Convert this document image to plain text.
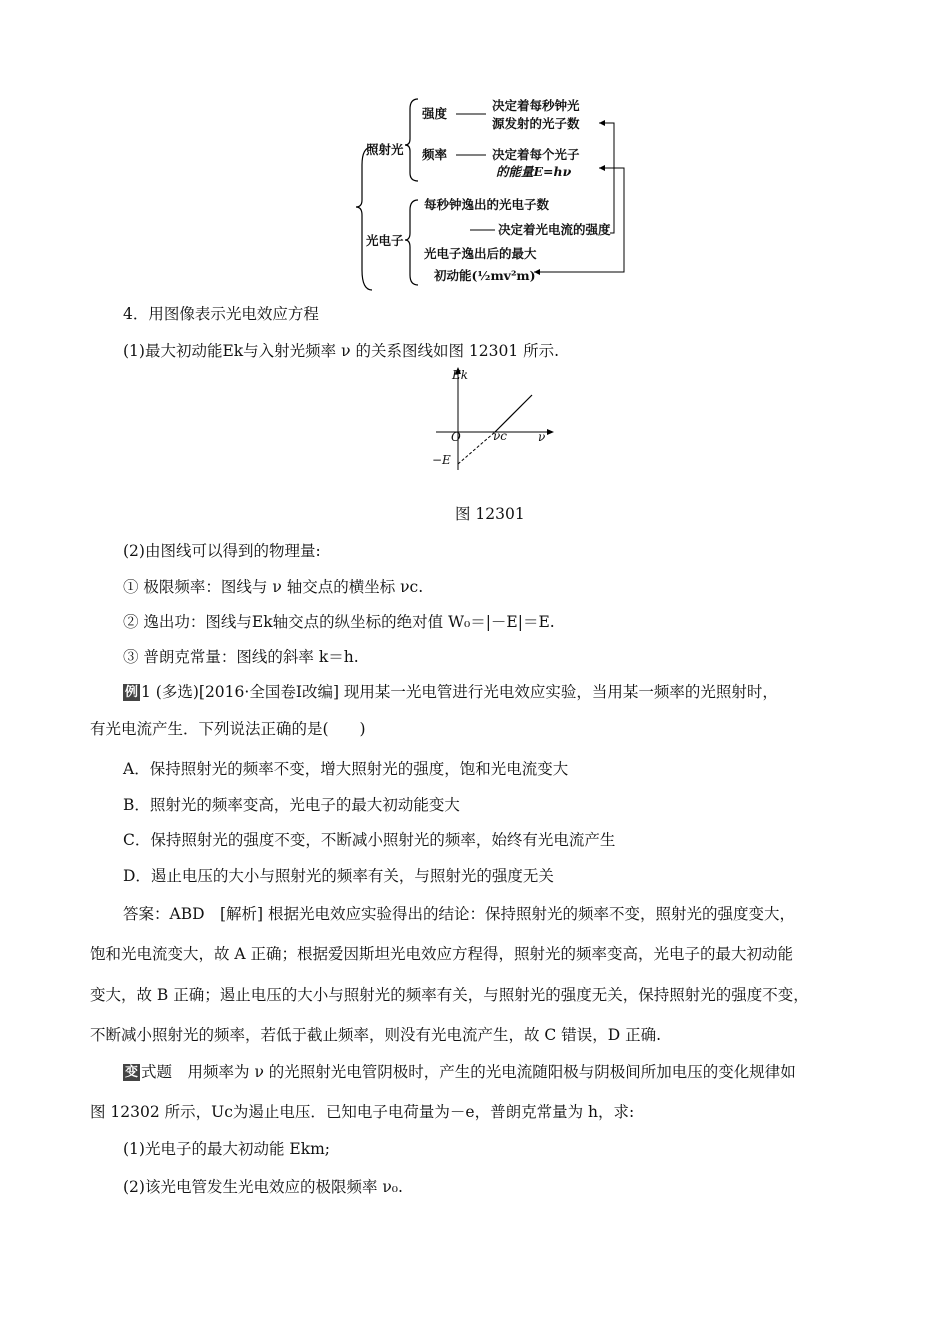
照射光
强度
决定着每秒钟光
源发射的光子数
频率	决定着每个光子
的能量E=hν
光电子
每秒钟逸出的光电子数
决定着光电流的强度
光电子逸出后的最大
初动能(½mv²m)
4．用图像表示光电效应方程
(1)最大初动能Ek与入射光频率 ν 的关系图线如图 12301 所示.
Ek
O	νc	ν
−E
图 12301
(2)由图线可以得到的物理量:
① 极限频率：图线与 ν 轴交点的横坐标 νc.
② 逸出功：图线与Ek轴交点的纵坐标的绝对值 W₀＝|－E|＝E.
③ 普朗克常量：图线的斜率 k＝h.
例 1 (多选)[2016·全国卷Ⅰ改编] 现用某一光电管进行光电效应实验，当用某一频率的光照射时，
有光电流产生．下列说法正确的是(　　)
A．保持照射光的频率不变，增大照射光的强度，饱和光电流变大
B．照射光的频率变高，光电子的最大初动能变大
C．保持照射光的强度不变，不断减小照射光的频率，始终有光电流产生
D．遏止电压的大小与照射光的频率有关，与照射光的强度无关
答案：ABD　[解析] 根据光电效应实验得出的结论：保持照射光的频率不变，照射光的强度变大，
饱和光电流变大，故 A 正确；根据爱因斯坦光电效应方程得，照射光的频率变高，光电子的最大初动能
变大，故 B 正确；遏止电压的大小与照射光的频率有关，与照射光的强度无关，保持照射光的强度不变，
不断减小照射光的频率，若低于截止频率，则没有光电流产生，故 C 错误，D 正确.
变 式题　用频率为 ν 的光照射光电管阴极时，产生的光电流随阳极与阴极间所加电压的变化规律如
图 12302 所示，Uc为遏止电压．已知电子电荷量为－e，普朗克常量为 h，求:
(1)光电子的最大初动能 Ekm;
(2)该光电管发生光电效应的极限频率 ν₀.
